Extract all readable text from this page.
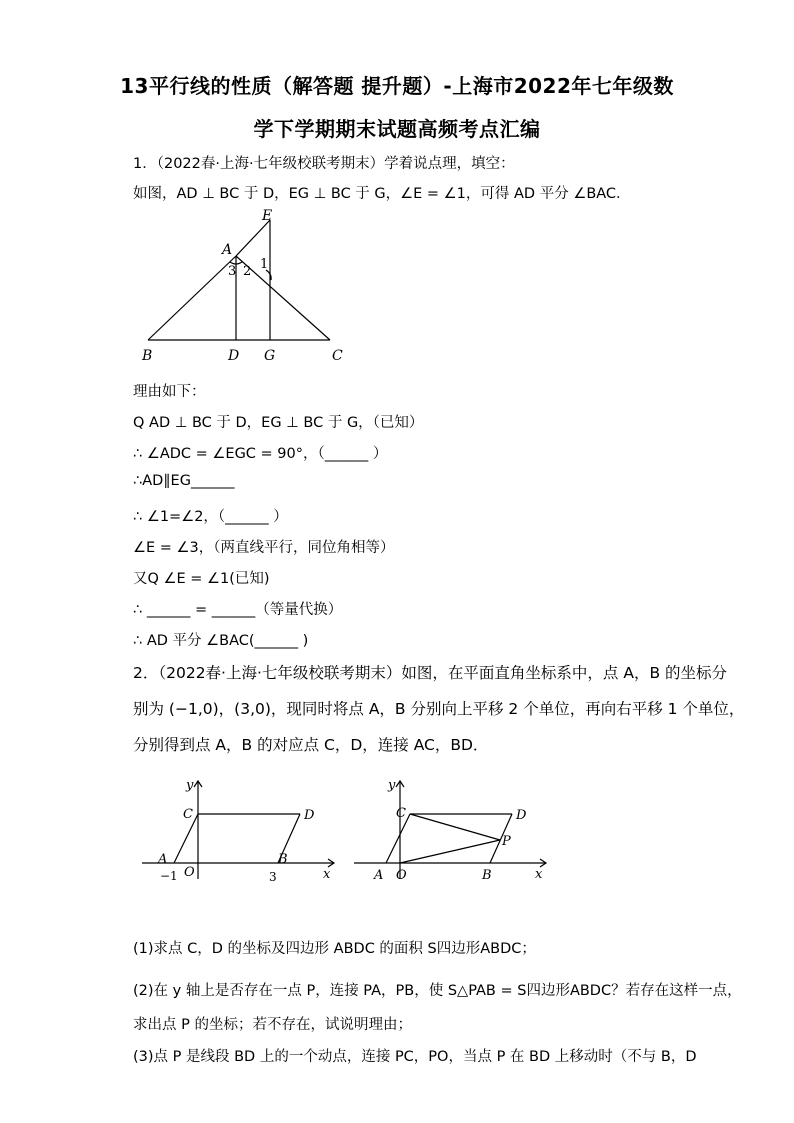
13平行线的性质（解答题 提升题）-上海市2022年七年级数
学下学期期末试题高频考点汇编
1．（2022春·上海·七年级校联考期末）学着说点理，填空：
如图，AD ⊥ BC 于 D，EG ⊥ BC 于 G，∠E = ∠1，可得 AD 平分 ∠BAC．
E
A
3 2 1
B	D G	C
理由如下：
Q AD ⊥ BC 于 D，EG ⊥ BC 于 G，（已知）
∴ ∠ADC = ∠EGC = 90°，（______ ）
∴AD∥EG______
∴ ∠1=∠2，（______ ）
∠E = ∠3，（两直线平行，同位角相等）
又Q ∠E = ∠1(已知)
∴ ______ = ______（等量代换）
∴ AD 平分 ∠BAC(______ )
2．（2022春·上海·七年级校联考期末）如图，在平面直角坐标系中，点 A，B 的坐标分
别为 (−1,0)，(3,0)，现同时将点 A，B 分别向上平移 2 个单位，再向右平移 1 个单位，
分别得到点 A，B 的对应点 C，D，连接 AC，BD．
y
C	D
A	B
O
−1	3	x
y
C	D
P
A O	B	x
(1)求点 C，D 的坐标及四边形 ABDC 的面积 S四边形ABDC；
(2)在 y 轴上是否存在一点 P，连接 PA，PB，使 S△PAB = S四边形ABDC？若存在这样一点，
求出点 P 的坐标；若不存在，试说明理由；
(3)点 P 是线段 BD 上的一个动点，连接 PC，PO，当点 P 在 BD 上移动时（不与 B，D
